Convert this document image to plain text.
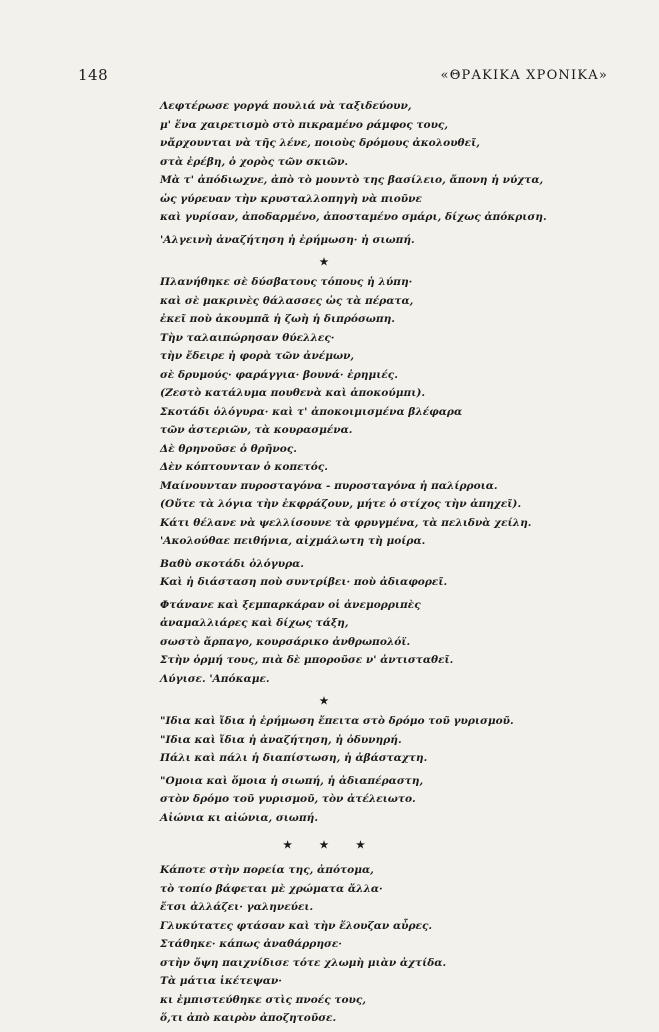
148	«ΘΡΑΚΙΚΑ ΧΡΟΝΙΚΑ»
Λεφτέρωσε γοργά πουλιά νὰ ταξιδεύουν,
μ' ἕνα χαιρετισμὸ στὸ πικραμένο ράμφος τους,
νἄρχουνται νὰ τῆς λένε, ποιοὺς δρόμους ἀκολουθεῖ,
στὰ ἐρέβη, ὁ χορὸς τῶν σκιῶν.
Μὰ τ' ἀπόδιωχνε, ἀπὸ τὸ μουντὸ της βασίλειο, ἄπονη ἡ νύχτα,
ὡς γύρευαν τὴν κρυσταλλοπηγὴ νὰ πιοῦνε
καὶ γυρίσαν, ἀποδαρμένο, ἀποσταμένο σμάρι, δίχως ἀπόκριση.
'Αλγεινὴ ἀναζήτηση ἡ ἐρήμωση· ἡ σιωπή.
★
Πλανήθηκε σὲ δύσβατους τόπους ἡ λύπη·
καὶ σὲ μακρινὲς θάλασσες ὡς τὰ πέρατα,
ἐκεῖ ποὺ ἀκουμπᾶ ἡ ζωὴ ἡ διπρόσωπη.
Τὴν ταλαιπώρησαν θύελλες·
τὴν ἔδειρε ἡ φορὰ τῶν ἀνέμων,
σὲ δρυμούς· φαράγγια· βουνά· ἐρημιές.
(Ζεστὸ κατάλυμα πουθενὰ καὶ ἀποκούμπι).
Σκοτάδι ὁλόγυρα· καὶ τ' ἀποκοιμισμένα βλέφαρα
τῶν ἀστεριῶν, τὰ κουρασμένα.
Δὲ θρηνοῦσε ὁ θρῆνος.
Δὲν κόπτουνταν ὁ κοπετός.
Μαίνουνταν πυροσταγόνα - πυροσταγόνα ἡ παλίρροια.
(Οὔτε τὰ λόγια τὴν ἐκφράζουν, μήτε ὁ στίχος τὴν ἀπηχεῖ).
Κάτι θέλανε νὰ ψελλίσουνε τὰ φρυγμένα, τὰ πελιδνὰ χείλη.
'Ακολούθαε πειθήνια, αἰχμάλωτη τὴ μοίρα.
Βαθὺ σκοτάδι ὁλόγυρα.
Καὶ ἡ διάσταση ποὺ συντρίβει· ποὺ ἀδιαφορεῖ.
Φτάνανε καὶ ξεμπαρκάραν οἱ ἀνεμορριπὲς
ἀναμαλλιάρες καὶ δίχως τάξη,
σωστὸ ἄρπαγο, κουρσάρικο ἀνθρωπολόϊ.
Στὴν ὁρμή τους, πιὰ δὲ μποροῦσε ν' ἀντισταθεῖ.
Λύγισε. 'Απόκαμε.
★
"Ιδια καὶ ἴδια ἡ ἐρήμωση ἔπειτα στὸ δρόμο τοῦ γυρισμοῦ.
"Ιδια καὶ ἴδια ἡ ἀναζήτηση, ἡ ὀδυνηρή.
Πάλι καὶ πάλι ἡ διαπίστωση, ἡ ἀβάσταχτη.
"Ομοια καὶ ὅμοια ἡ σιωπή, ἡ ἀδιαπέραστη,
στὸν δρόμο τοῦ γυρισμοῦ, τὸν ἀτέλειωτο.
Αἰώνια κι αἰώνια, σιωπή.
★ ★ ★
Κάποτε στὴν πορεία της, ἀπότομα,
τὸ τοπίο βάφεται μὲ χρώματα ἄλλα·
ἔτσι ἀλλάζει· γαληνεύει.
Γλυκύτατες φτάσαν καὶ τὴν ἔλουζαν αὖρες.
Στάθηκε· κάπως ἀναθάρρησε·
στὴν ὄψη παιχνίδισε τότε χλωμὴ μιὰν ἀχτίδα.
Τὰ μάτια ἱκέτεψαν·
κι ἐμπιστεύθηκε στὶς πνοές τους,
ὅ,τι ἀπὸ καιρὸν ἀποζητοῦσε.
